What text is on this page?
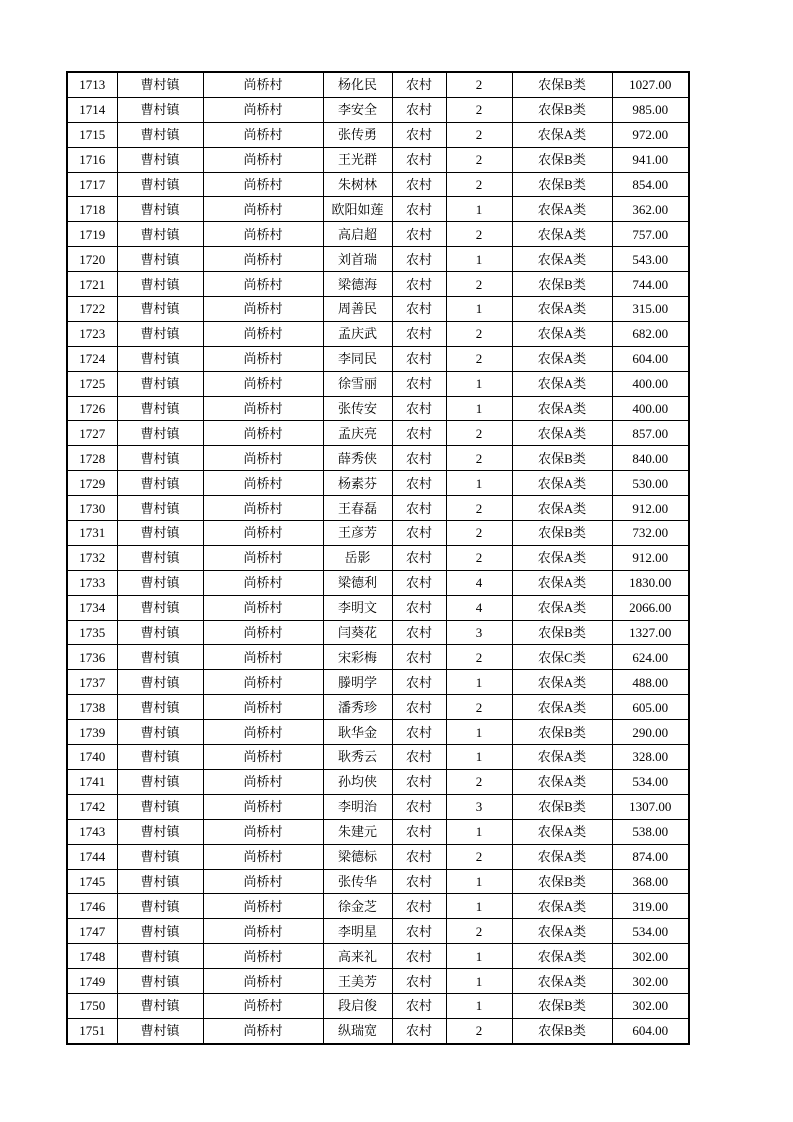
1713	曹村镇	尚桥村	杨化民	农村	2	农保B类	1027.00
1714	曹村镇	尚桥村	李安全	农村	2	农保B类	985.00
1715	曹村镇	尚桥村	张传勇	农村	2	农保A类	972.00
1716	曹村镇	尚桥村	王光群	农村	2	农保B类	941.00
1717	曹村镇	尚桥村	朱树林	农村	2	农保B类	854.00
1718	曹村镇	尚桥村	欧阳如莲	农村	1	农保A类	362.00
1719	曹村镇	尚桥村	高启超	农村	2	农保A类	757.00
1720	曹村镇	尚桥村	刘首瑞	农村	1	农保A类	543.00
1721	曹村镇	尚桥村	梁德海	农村	2	农保B类	744.00
1722	曹村镇	尚桥村	周善民	农村	1	农保A类	315.00
1723	曹村镇	尚桥村	孟庆武	农村	2	农保A类	682.00
1724	曹村镇	尚桥村	李同民	农村	2	农保A类	604.00
1725	曹村镇	尚桥村	徐雪丽	农村	1	农保A类	400.00
1726	曹村镇	尚桥村	张传安	农村	1	农保A类	400.00
1727	曹村镇	尚桥村	孟庆亮	农村	2	农保A类	857.00
1728	曹村镇	尚桥村	薛秀侠	农村	2	农保B类	840.00
1729	曹村镇	尚桥村	杨素芬	农村	1	农保A类	530.00
1730	曹村镇	尚桥村	王春磊	农村	2	农保A类	912.00
1731	曹村镇	尚桥村	王彦芳	农村	2	农保B类	732.00
1732	曹村镇	尚桥村	岳影	农村	2	农保A类	912.00
1733	曹村镇	尚桥村	梁德利	农村	4	农保A类	1830.00
1734	曹村镇	尚桥村	李明文	农村	4	农保A类	2066.00
1735	曹村镇	尚桥村	闫葵花	农村	3	农保B类	1327.00
1736	曹村镇	尚桥村	宋彩梅	农村	2	农保C类	624.00
1737	曹村镇	尚桥村	滕明学	农村	1	农保A类	488.00
1738	曹村镇	尚桥村	潘秀珍	农村	2	农保A类	605.00
1739	曹村镇	尚桥村	耿华金	农村	1	农保B类	290.00
1740	曹村镇	尚桥村	耿秀云	农村	1	农保A类	328.00
1741	曹村镇	尚桥村	孙均侠	农村	2	农保A类	534.00
1742	曹村镇	尚桥村	李明治	农村	3	农保B类	1307.00
1743	曹村镇	尚桥村	朱建元	农村	1	农保A类	538.00
1744	曹村镇	尚桥村	梁德标	农村	2	农保A类	874.00
1745	曹村镇	尚桥村	张传华	农村	1	农保B类	368.00
1746	曹村镇	尚桥村	徐金芝	农村	1	农保A类	319.00
1747	曹村镇	尚桥村	李明星	农村	2	农保A类	534.00
1748	曹村镇	尚桥村	高来礼	农村	1	农保A类	302.00
1749	曹村镇	尚桥村	王美芳	农村	1	农保A类	302.00
1750	曹村镇	尚桥村	段启俊	农村	1	农保B类	302.00
1751	曹村镇	尚桥村	纵瑞宽	农村	2	农保B类	604.00
